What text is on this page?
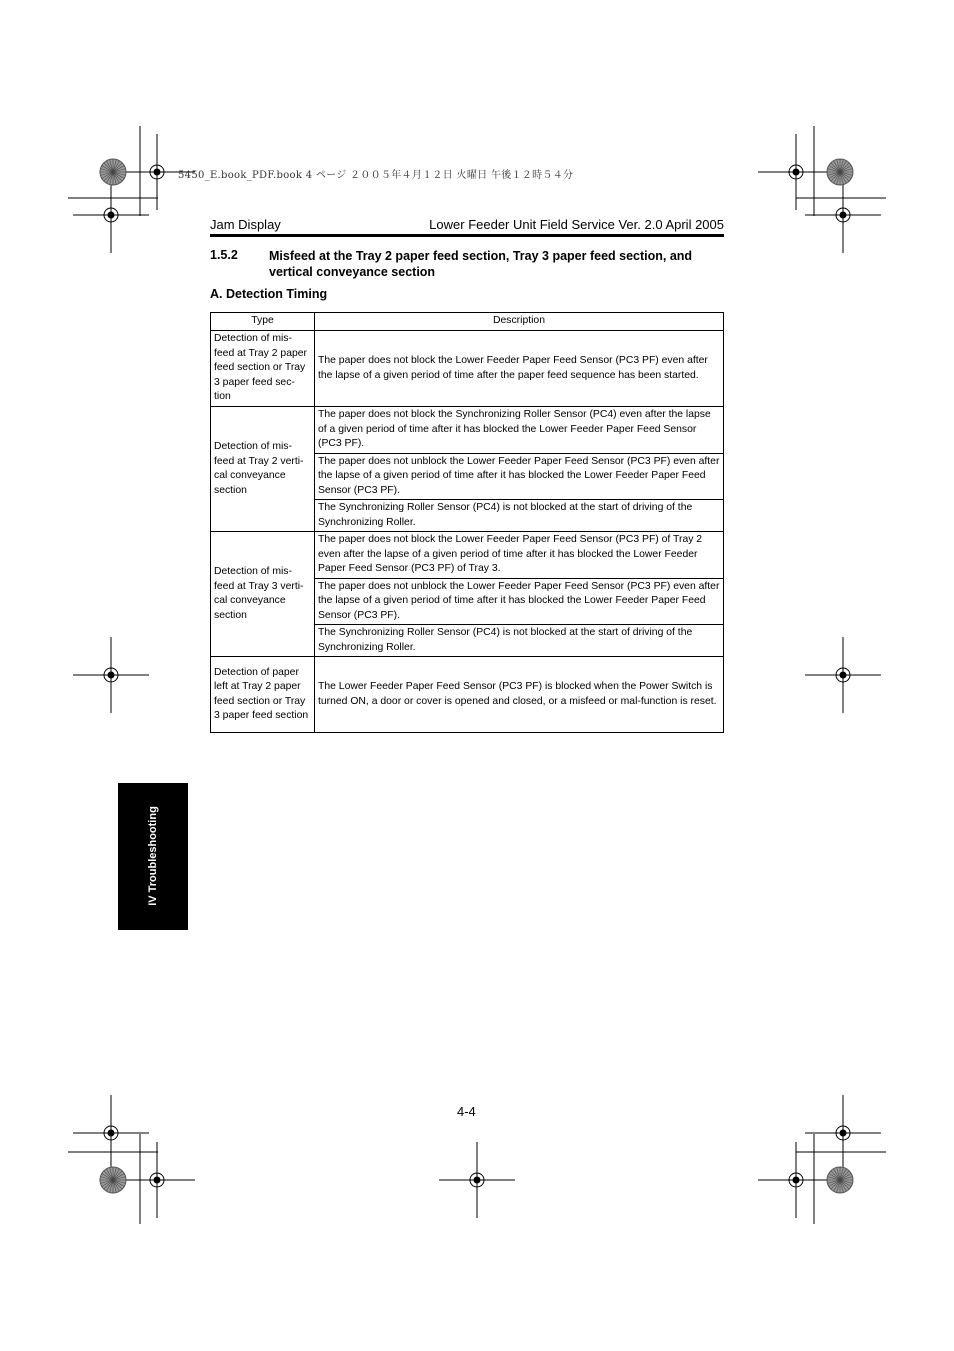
5450_E.book_PDF.book 4 ページ ２００５年４月１２日 火曜日 午後１２時５４分
Jam Display	Lower Feeder Unit Field Service Ver. 2.0 April 2005
1.5.2 Misfeed at the Tray 2 paper feed section, Tray 3 paper feed section, and vertical conveyance section
A. Detection Timing
Type	Description
Detection of mis-feed at Tray 2 paper feed section or Tray 3 paper feed sec-tion	The paper does not block the Lower Feeder Paper Feed Sensor (PC3 PF) even after the lapse of a given period of time after the paper feed sequence has been started.
Detection of mis-feed at Tray 2 verti-cal conveyance section	The paper does not block the Synchronizing Roller Sensor (PC4) even after the lapse of a given period of time after it has blocked the Lower Feeder Paper Feed Sensor (PC3 PF).
	The paper does not unblock the Lower Feeder Paper Feed Sensor (PC3 PF) even after the lapse of a given period of time after it has blocked the Lower Feeder Paper Feed Sensor (PC3 PF).
	The Synchronizing Roller Sensor (PC4) is not blocked at the start of driving of the Synchronizing Roller.
Detection of mis-feed at Tray 3 verti-cal conveyance section	The paper does not block the Lower Feeder Paper Feed Sensor (PC3 PF) of Tray 2 even after the lapse of a given period of time after it has blocked the Lower Feeder Paper Feed Sensor (PC3 PF) of Tray 3.
	The paper does not unblock the Lower Feeder Paper Feed Sensor (PC3 PF) even after the lapse of a given period of time after it has blocked the Lower Feeder Paper Feed Sensor (PC3 PF).
	The Synchronizing Roller Sensor (PC4) is not blocked at the start of driving of the Synchronizing Roller.
Detection of paper left at Tray 2 paper feed section or Tray 3 paper feed section	The Lower Feeder Paper Feed Sensor (PC3 PF) is blocked when the Power Switch is turned ON, a door or cover is opened and closed, or a misfeed or mal-function is reset.
IV Troubleshooting
4-4
